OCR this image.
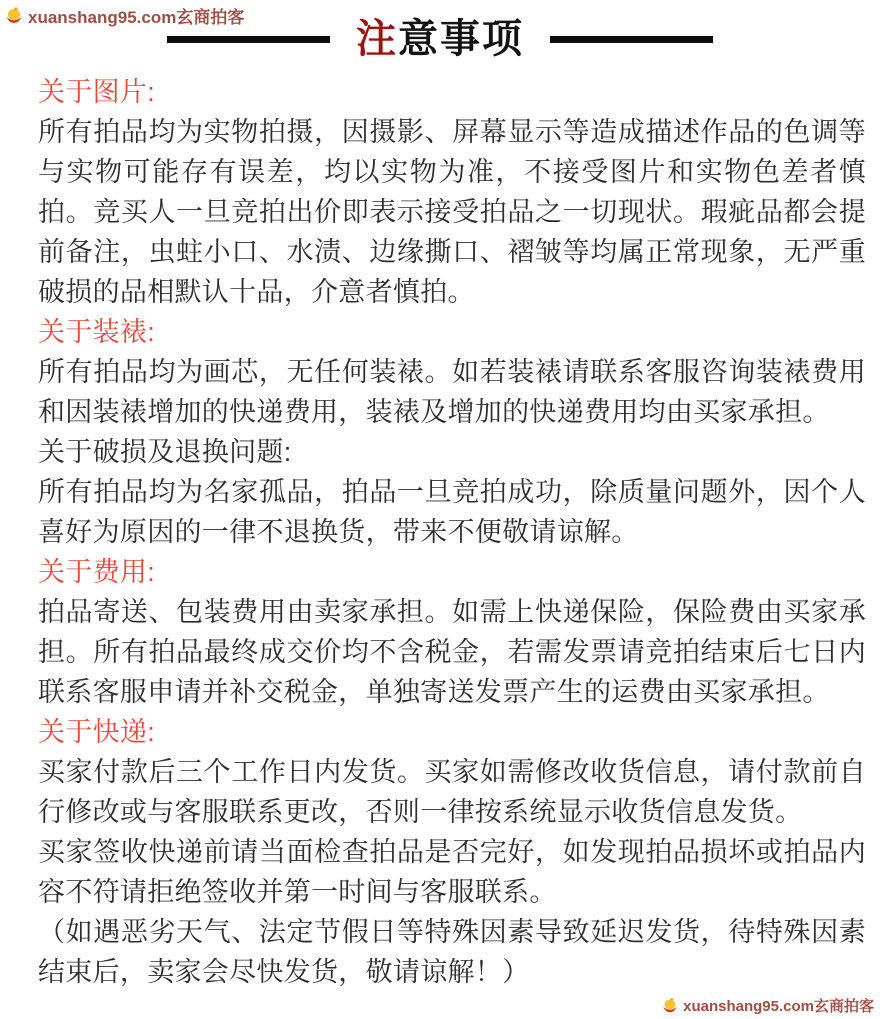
xuanshang95.com玄商拍客	注意事项

关于图片:

所有拍品均为实物拍摄，因摄影、屏幕显示等造成描述作品的色调等与实物可能存有误差，均以实物为准，不接受图片和实物色差者慎拍。竞买人一旦竞拍出价即表示接受拍品之一切现状。瑕疵品都会提前备注，虫蛀小口、水渍、边缘撕口、褶皱等均属正常现象，无严重破损的品相默认十品，介意者慎拍。

关于装裱:

所有拍品均为画芯，无任何装裱。如若装裱请联系客服咨询装裱费用和因装裱增加的快递费用，装裱及增加的快递费用均由买家承担。

关于破损及退换问题:

所有拍品均为名家孤品，拍品一旦竞拍成功，除质量问题外，因个人喜好为原因的一律不退换货，带来不便敬请谅解。

关于费用:

拍品寄送、包装费用由卖家承担。如需上快递保险，保险费由买家承担。所有拍品最终成交价均不含税金，若需发票请竞拍结束后七日内联系客服申请并补交税金，单独寄送发票产生的运费由买家承担。

关于快递:

买家付款后三个工作日内发货。买家如需修改收货信息，请付款前自行修改或与客服联系更改，否则一律按系统显示收货信息发货。

买家签收快递前请当面检查拍品是否完好，如发现拍品损坏或拍品内容不符请拒绝签收并第一时间与客服联系。

（如遇恶劣天气、法定节假日等特殊因素导致延迟发货，待特殊因素结束后，卖家会尽快发货，敬请谅解！）

xuanshang95.com玄商拍客
